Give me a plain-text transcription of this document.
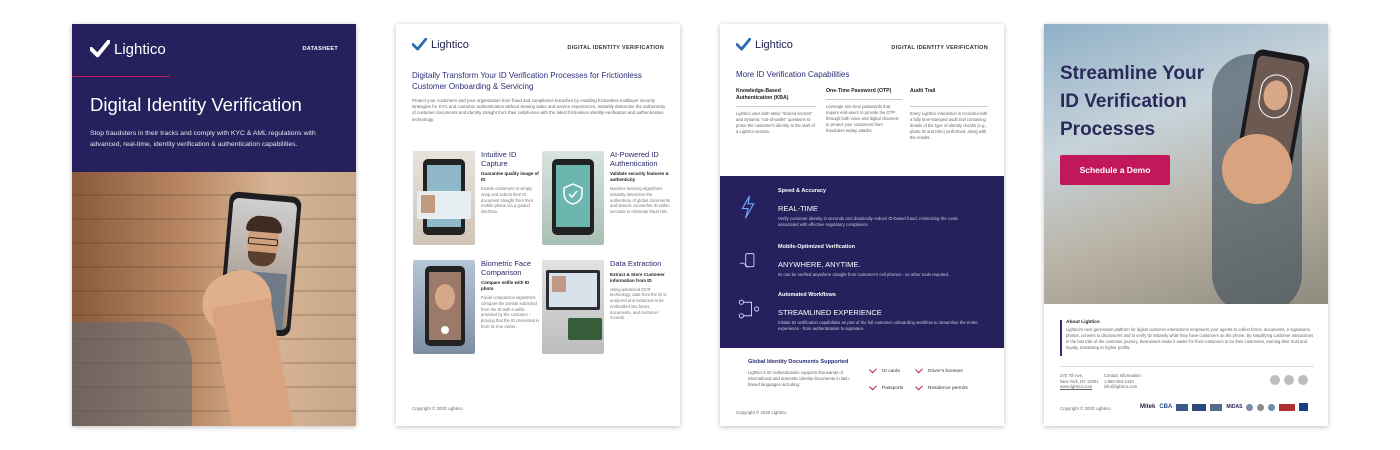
Lightico	DATASHEET
Digital Identity Verification
Stop fraudsters in their tracks and comply with KYC & AML regulations with advanced, real-time, identity verification & authentication capabilities.
Lightico	DIGITAL IDENTITY VERIFICATION
Digitally Transform Your ID Verification Processes for Frictionless Customer Onboarding & Servicing
Protect your customers and your organization from fraud and compliance breaches by enabling frictionless multilayer security strategies for KYC and customer authentication without slowing sales and service experiences. Instantly determine the authenticity of customer documents and identity straight from their cellphones with the latest frictionless identity-verification and authentication technology.
Intuitive ID Capture
Guarantee quality image of ID
Enable customers to simply snap and submit their ID document straight from their mobile phone via a guided interface.
AI-Powered ID Authentication
Validate security features & authenticity
Machine learning algorithms instantly determine the authenticity of global documents and detects counterfeit ID within seconds to eliminate fraud risk.
Biometric Face Comparison
Compare selfie with ID photo
Facial comparison algorithms compare the portrait extracted from the ID with a selfie provided by the customer - proving that the ID presented is from its true owner.
Data Extraction
Extract & Store Customer information from ID
Using advanced OCR technology, data from the ID is analyzed and extracted to be embedded into forms, documents, and customer records.
Copyright © 2020 Lightico
Lightico	DIGITAL IDENTITY VERIFICATION
More ID Verification Capabilities
Knowledge-Based Authentication (KBA)
Lightico uses both static "shared secrets" and dynamic "out-of-wallet" questions to prove the customer's identity at the start of a Lightico session.
One-Time Password (OTP)
Leverage one-time passwords that require end-users to provide the OTP through both voice and digital channels to protect your customers from fraudulent replay attacks.
Audit Trail
Every Lightico interaction is recorded with a fully time-stamped audit trail containing details of the type of identity checks (e.g., photo ID and KBA) performed, along with the results.
Speed & Accuracy
REAL-TIME
Verify customer identity in seconds and drastically reduce ID-based fraud, minimizing the costs associated with effective regulatory compliance.
Mobile-Optimized Verification
ANYWHERE, ANYTIME.
ID can be verified anywhere straight from customer's cell phones - no other tools required.
Automated Workflows
STREAMLINED EXPERIENCE
Initiate ID verification capabilities as part of the full customer onboarding workflow to streamline the entire experience - from authentication to signature.
Global Identity Documents Supported
Lightico's ID Authentication supports thousands of international and domestic identity documents in latin-based languages including:
ID cards	Driver's licenses
Passports	Residence permits
Copyright © 2020 Lightico
Streamline Your
ID Verification
Processes
Schedule a Demo
About Lightico
Lightico's next generation platform for digital customer interactions empowers your agents to collect forms, documents, e-signatures, photos, consent to disclosures and to verify ID instantly while they have customers on the phone. By simplifying customer interactions in the last mile of the customer journey, businesses make it easier for their customers to be their customers, earning their trust and loyalty, translating to higher profits.
275 7th Ave,
New York, NY 10001
www.lightico.com
Contact Information:
1-866-353-1440
info@lightico.com
Copyright © 2020 Lightico	Mitek CBA	MiDAS
